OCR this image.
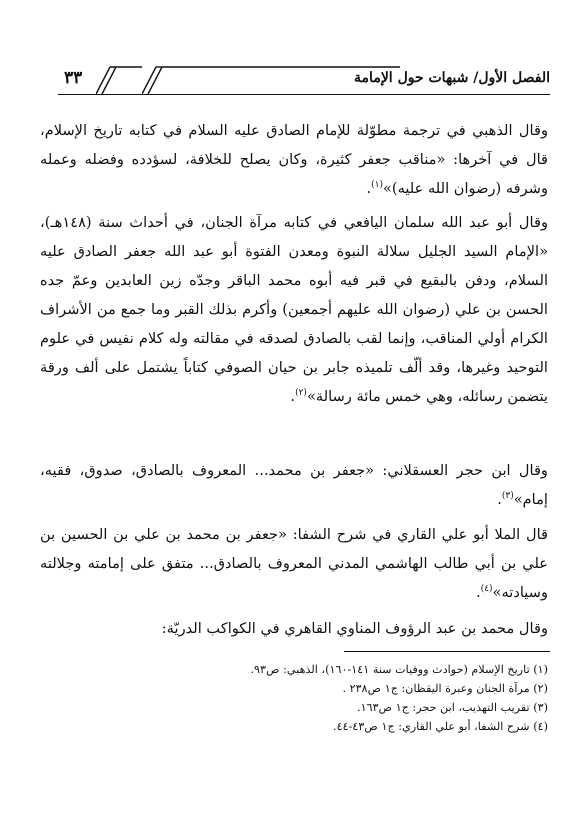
الفصل الأول/ شبهات حول الإمامة
٣٣

وقال الذهبي في ترجمة مطوّلة للإمام الصادق عليه السلام في كتابه تاريخ الإسلام، قال في آخرها: «مناقب جعفر كثيرة، وكان يصلح للخلافة، لسؤدده وفضله وعمله وشرفه (رضوان الله عليه)»$^{(١)}$.

وقال أبو عبد الله سلمان اليافعي في كتابه مرآة الجنان، في أحداث سنة (١٤٨هـ)، «الإمام السيد الجليل سلالة النبوة ومعدن الفتوة أبو عبد الله جعفر الصادق عليه السلام، ودفن بالبقيع في قبر فيه أبوه محمد الباقر وجدّه زين العابدين وعمّ جده الحسن بن علي (رضوان الله عليهم أجمعين) وأكرم بذلك القبر وما جمع من الأشراف الكرام أولي المناقب، وإنما لقب بالصادق لصدقه في مقالته وله كلام نفيس في علوم التوحيد وغيرها، وقد ألّف تلميذه جابر بن حيان الصوفي كتاباً يشتمل على ألف ورقة يتضمن رسائله، وهي خمس مائة رسالة»$^{(٢)}$.

وقال ابن حجر العسقلاني: «جعفر بن محمد... المعروف بالصادق، صدوق، فقيه، إمام»$^{(٣)}$.

قال الملا أبو علي القاري في شرح الشفا: «جعفر بن محمد بن علي بن الحسين بن علي بن أبي طالب الهاشمي المدني المعروف بالصادق... متفق على إمامته وجلالته وسيادته»$^{(٤)}$.

وقال محمد بن عبد الرؤوف المناوي القاهري في الكواكب الدريّة:

(١) تاريخ الإسلام (حوادث ووفيات سنة ١٤١-١٦٠)، الذهبي: ص٩٣.
(٢) مرآة الجنان وعبرة اليقظان: ج١ ص٢٣٨ .
(٣) تقريب التهذيب، ابن حجر: ج١ ص١٦٣.
(٤) شرح الشفا، أبو علي القاري: ج١ ص٤٣-٤٤.
